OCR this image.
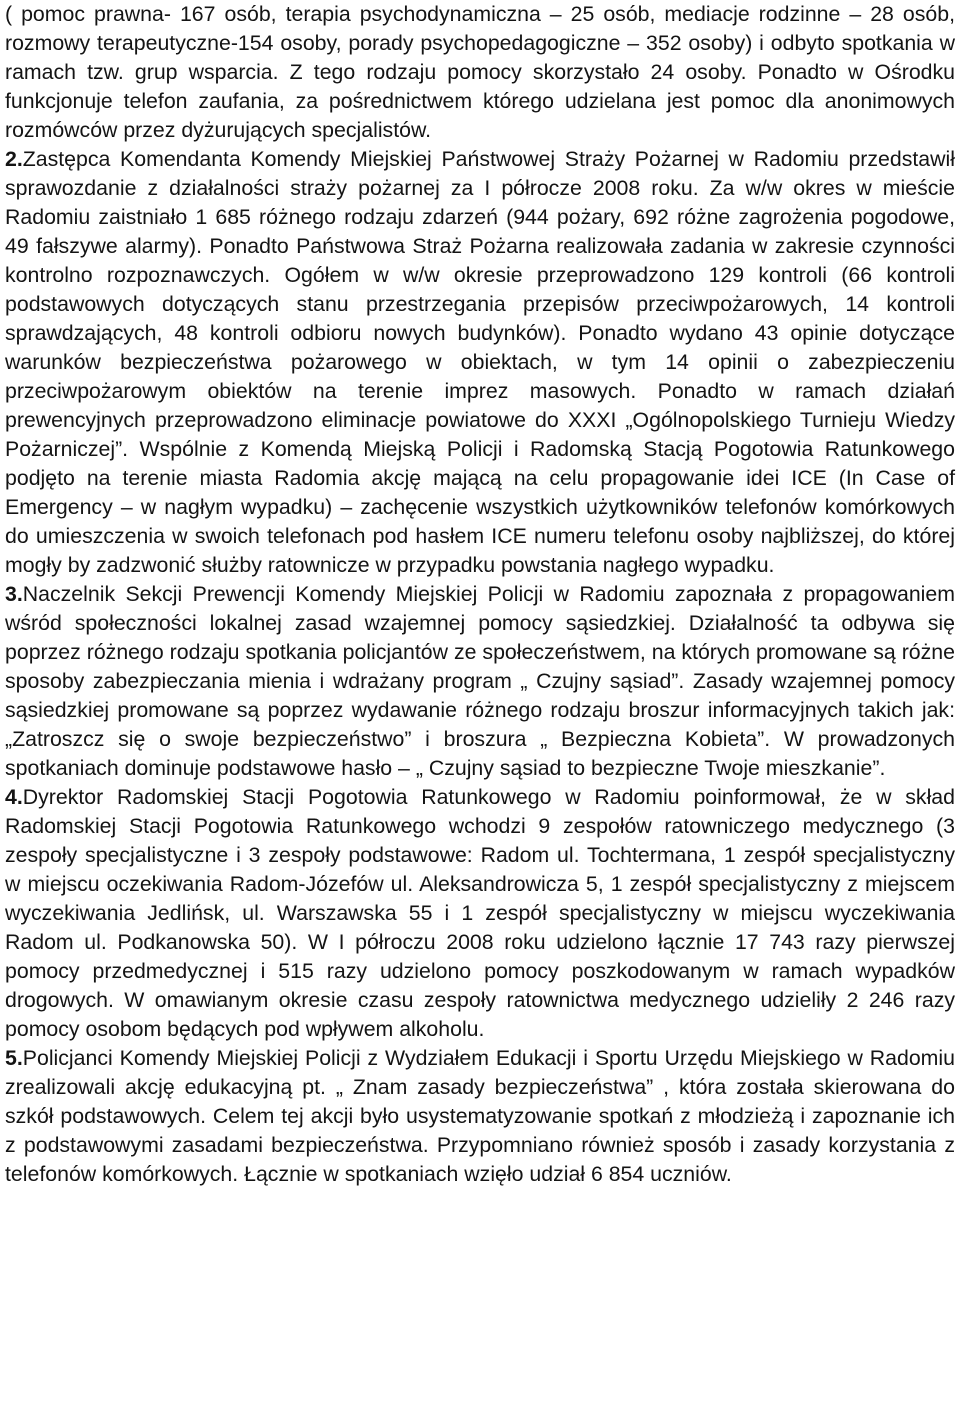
( pomoc prawna- 167 osób, terapia psychodynamiczna – 25 osób, mediacje rodzinne – 28 osób, rozmowy terapeutyczne-154 osoby, porady psychopedagogiczne – 352 osoby) i odbyto spotkania w ramach tzw. grup wsparcia. Z tego rodzaju pomocy skorzystało 24 osoby. Ponadto w Ośrodku funkcjonuje telefon zaufania, za pośrednictwem którego udzielana jest pomoc dla anonimowych rozmówców przez dyżurujących specjalistów.

2.Zastępca Komendanta Komendy Miejskiej Państwowej Straży Pożarnej w Radomiu przedstawił sprawozdanie z działalności straży pożarnej za I półrocze 2008 roku. Za w/w okres w mieście Radomiu zaistniało 1 685 różnego rodzaju zdarzeń (944 pożary, 692 różne zagrożenia pogodowe, 49 fałszywe alarmy). Ponadto Państwowa Straż Pożarna realizowała zadania w zakresie czynności kontrolno rozpoznawczych. Ogółem w w/w okresie przeprowadzono 129 kontroli (66 kontroli podstawowych dotyczących stanu przestrzegania przepisów przeciwpożarowych, 14 kontroli sprawdzających, 48 kontroli odbioru nowych budynków). Ponadto wydano 43 opinie dotyczące warunków bezpieczeństwa pożarowego w obiektach, w tym 14 opinii o zabezpieczeniu przeciwpożarowym obiektów na terenie imprez masowych. Ponadto w ramach działań prewencyjnych przeprowadzono eliminacje powiatowe do XXXI „Ogólnopolskiego Turnieju Wiedzy Pożarniczej”. Wspólnie z Komendą Miejską Policji i Radomską Stacją Pogotowia Ratunkowego podjęto na terenie miasta Radomia akcję mającą na celu propagowanie idei ICE (In Case of Emergency – w nagłym wypadku) – zachęcenie wszystkich użytkowników telefonów komórkowych do umieszczenia w swoich telefonach pod hasłem ICE numeru telefonu osoby najbliższej, do której mogły by zadzwonić służby ratownicze w przypadku powstania nagłego wypadku.

3.Naczelnik Sekcji Prewencji Komendy Miejskiej Policji w Radomiu zapoznała z propagowaniem wśród społeczności lokalnej zasad wzajemnej pomocy sąsiedzkiej. Działalność ta odbywa się poprzez różnego rodzaju spotkania policjantów ze społeczeństwem, na których promowane są różne sposoby zabezpieczania mienia i wdrażany program „ Czujny sąsiad”. Zasady wzajemnej pomocy sąsiedzkiej promowane są poprzez wydawanie różnego rodzaju broszur informacyjnych takich jak: „Zatroszcz się o swoje bezpieczeństwo” i broszura „ Bezpieczna Kobieta”. W prowadzonych spotkaniach dominuje podstawowe hasło – „ Czujny sąsiad to bezpieczne Twoje mieszkanie”.

4.Dyrektor Radomskiej Stacji Pogotowia Ratunkowego w Radomiu poinformował, że w skład Radomskiej Stacji Pogotowia Ratunkowego wchodzi 9 zespołów ratowniczego medycznego (3 zespoły specjalistyczne i 3 zespoły podstawowe: Radom ul. Tochtermana, 1 zespół specjalistyczny w miejscu oczekiwania Radom-Józefów ul. Aleksandrowicza 5, 1 zespół specjalistyczny z miejscem wyczekiwania Jedlińsk, ul. Warszawska 55 i 1 zespół specjalistyczny w miejscu wyczekiwania Radom ul. Podkanowska 50). W I półroczu 2008 roku udzielono łącznie 17 743 razy pierwszej pomocy przedmedycznej i 515 razy udzielono pomocy poszkodowanym w ramach wypadków drogowych. W omawianym okresie czasu zespoły ratownictwa medycznego udzieliły 2 246 razy pomocy osobom będących pod wpływem alkoholu.

5.Policjanci Komendy Miejskiej Policji z Wydziałem Edukacji i Sportu Urzędu Miejskiego w Radomiu zrealizowali akcję edukacyjną pt. „ Znam zasady bezpieczeństwa” , która została skierowana do szkół podstawowych. Celem tej akcji było usystematyzowanie spotkań z młodzieżą i zapoznanie ich z podstawowymi zasadami bezpieczeństwa. Przypomniano również sposób i zasady korzystania z telefonów komórkowych. Łącznie w spotkaniach wzięło udział 6 854 uczniów.
